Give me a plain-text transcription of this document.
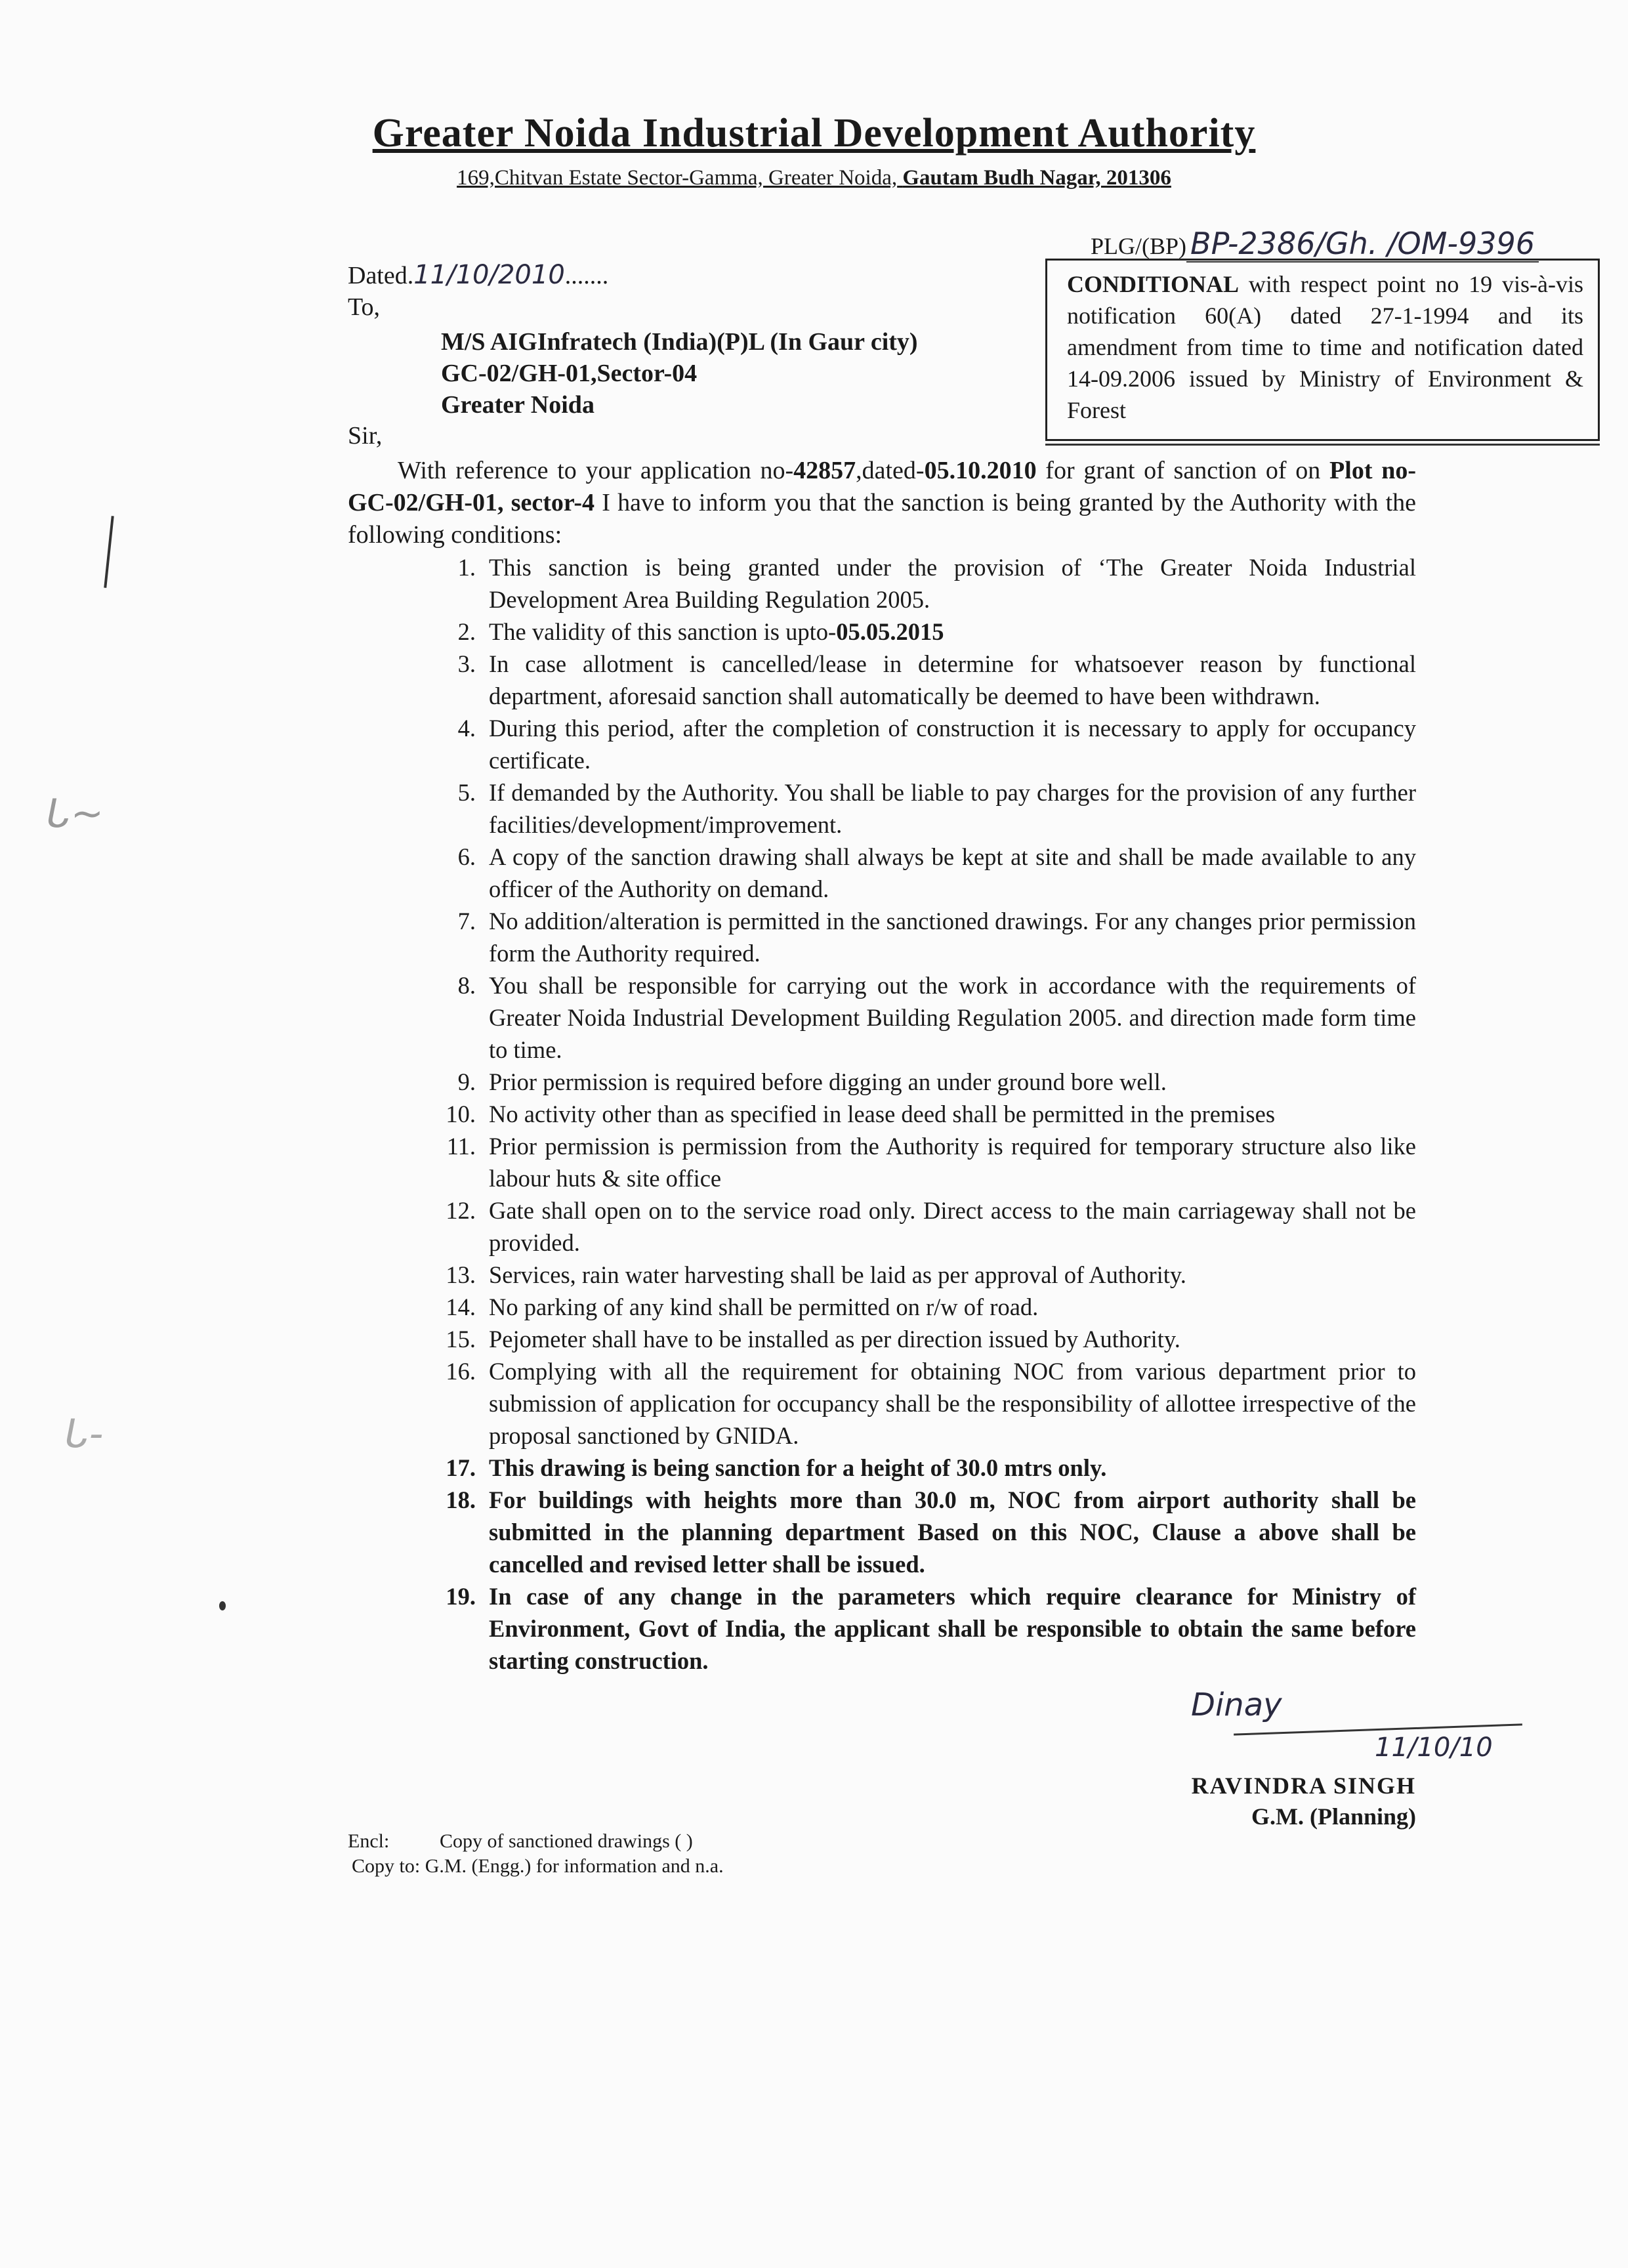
Greater Noida Industrial Development Authority
169,Chitvan Estate Sector-Gamma, Greater Noida, Gautam Budh Nagar, 201306
PLG/(BP) BP-2386/Gh. /OM-9396
CONDITIONAL with respect point no 19 vis-à-vis notification 60(A) dated 27-1-1994 and its amendment from time to time and notification dated 14-09.2006 issued by Ministry of Environment & Forest
Dated.11/10/2010.......
To,
M/S AIGInfratech (India)(P)L (In Gaur city)
GC-02/GH-01,Sector-04
Greater Noida
Sir,
With reference to your application no-42857,dated-05.10.2010 for grant of sanction of on Plot no- GC-02/GH-01, sector-4 I have to inform you that the sanction is being granted by the Authority with the following conditions:
1. This sanction is being granted under the provision of ‘The Greater Noida Industrial Development Area Building Regulation 2005.
2. The validity of this sanction is upto-05.05.2015
3. In case allotment is cancelled/lease in determine for whatsoever reason by functional department, aforesaid sanction shall automatically be deemed to have been withdrawn.
4. During this period, after the completion of construction it is necessary to apply for occupancy certificate.
5. If demanded by the Authority. You shall be liable to pay charges for the provision of any further facilities/development/improvement.
6. A copy of the sanction drawing shall always be kept at site and shall be made available to any officer of the Authority on demand.
7. No addition/alteration is permitted in the sanctioned drawings. For any changes prior permission form the Authority required.
8. You shall be responsible for carrying out the work in accordance with the requirements of Greater Noida Industrial Development Building Regulation 2005. and direction made form time to time.
9. Prior permission is required before digging an under ground bore well.
10. No activity other than as specified in lease deed shall be permitted in the premises
11. Prior permission is permission from the Authority is required for temporary structure also like labour huts & site office
12. Gate shall open on to the service road only. Direct access to the main carriageway shall not be provided.
13. Services, rain water harvesting shall be laid as per approval of Authority.
14. No parking of any kind shall be permitted on r/w of road.
15. Pejometer shall have to be installed as per direction issued by Authority.
16. Complying with all the requirement for obtaining NOC from various department prior to submission of application for occupancy shall be the responsibility of allottee irrespective of the proposal sanctioned by GNIDA.
17. This drawing is being sanction for a height of 30.0 mtrs only.
18. For buildings with heights more than 30.0 m, NOC from airport authority shall be submitted in the planning department Based on this NOC, Clause a above shall be cancelled and revised letter shall be issued.
19. In case of any change in the parameters which require clearance for Ministry of Environment, Govt of India, the applicant shall be responsible to obtain the same before starting construction.
Dinay
11/10/10
RAVINDRA SINGH
G.M. (Planning)
Encl:	Copy of sanctioned drawings ( )
Copy to: G.M. (Engg.) for information and n.a.
ᒐ~
ᒐ-
